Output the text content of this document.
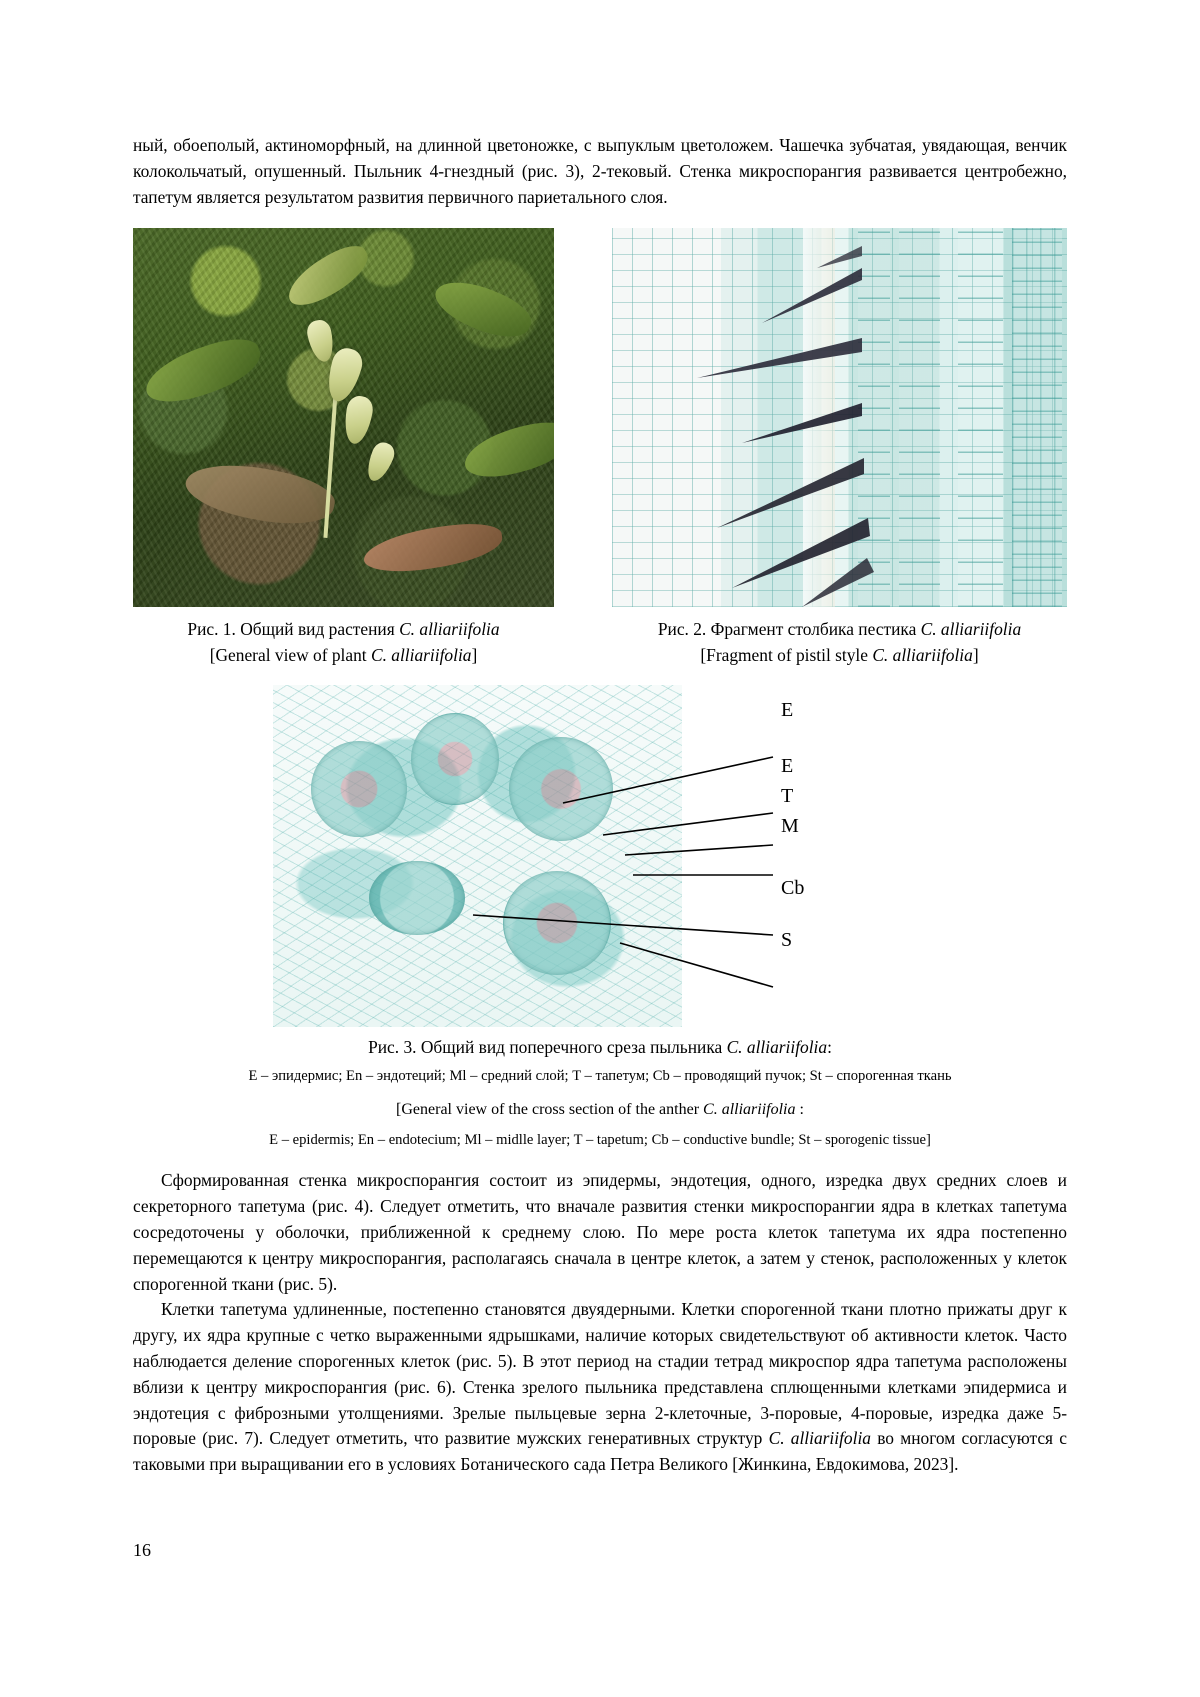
ный, обоеполый, актиноморфный, на длинной цветоножке, с выпуклым цветоложем. Чашечка зубчатая, увядающая, венчик колокольчатый, опушенный. Пыльник 4-гнездный (рис. 3), 2-тековый. Стенка микроспорангия развивается центробежно, тапетум является результатом развития первичного париетального слоя.

Рис. 1. Общий вид растения C. alliariifolia
[General view of plant C. alliariifolia]
Рис. 2. Фрагмент столбика пестика C. alliariifolia
[Fragment of pistil style C. alliariifolia]
E
E
T
M
Cb
S
Рис. 3. Общий вид поперечного среза пыльника C. alliariifolia:
E – эпидермис; En – эндотеций; Ml – средний слой; T – тапетум; Cb – проводящий пучок; St – спорогенная ткань
[General view of the cross section of the anther C. alliariifolia :
E – epidermis; En – endotecium; Ml – midlle layer; T – tapetum; Cb – conductive bundle; St – sporogenic tissue]

Сформированная стенка микроспорангия состоит из эпидермы, эндотеция, одного, изредка двух средних слоев и секреторного тапетума (рис. 4). Следует отметить, что вначале развития стенки микроспорангии ядра в клетках тапетума сосредоточены у оболочки, приближенной к среднему слою. По мере роста клеток тапетума их ядра постепенно перемещаются к центру микроспорангия, располагаясь сначала в центре клеток, а затем у стенок, расположенных у клеток спорогенной ткани (рис. 5).

Клетки тапетума удлиненные, постепенно становятся двуядерными. Клетки спорогенной ткани плотно прижаты друг к другу, их ядра крупные с четко выраженными ядрышками, наличие которых свидетельствуют об активности клеток. Часто наблюдается деление спорогенных клеток (рис. 5). В этот период на стадии тетрад микроспор ядра тапетума расположены вблизи к центру микроспорангия (рис. 6). Стенка зрелого пыльника представлена сплющенными клетками эпидермиса и эндотеция с фиброзными утолщениями. Зрелые пыльцевые зерна 2-клеточные, 3-поровые, 4-поровые, изредка даже 5-поровые (рис. 7). Следует отметить, что развитие мужских генеративных структур C. alliariifolia во многом согласуются с таковыми при выращивании его в условиях Ботанического сада Петра Великого [Жинкина, Евдокимова, 2023].

16
